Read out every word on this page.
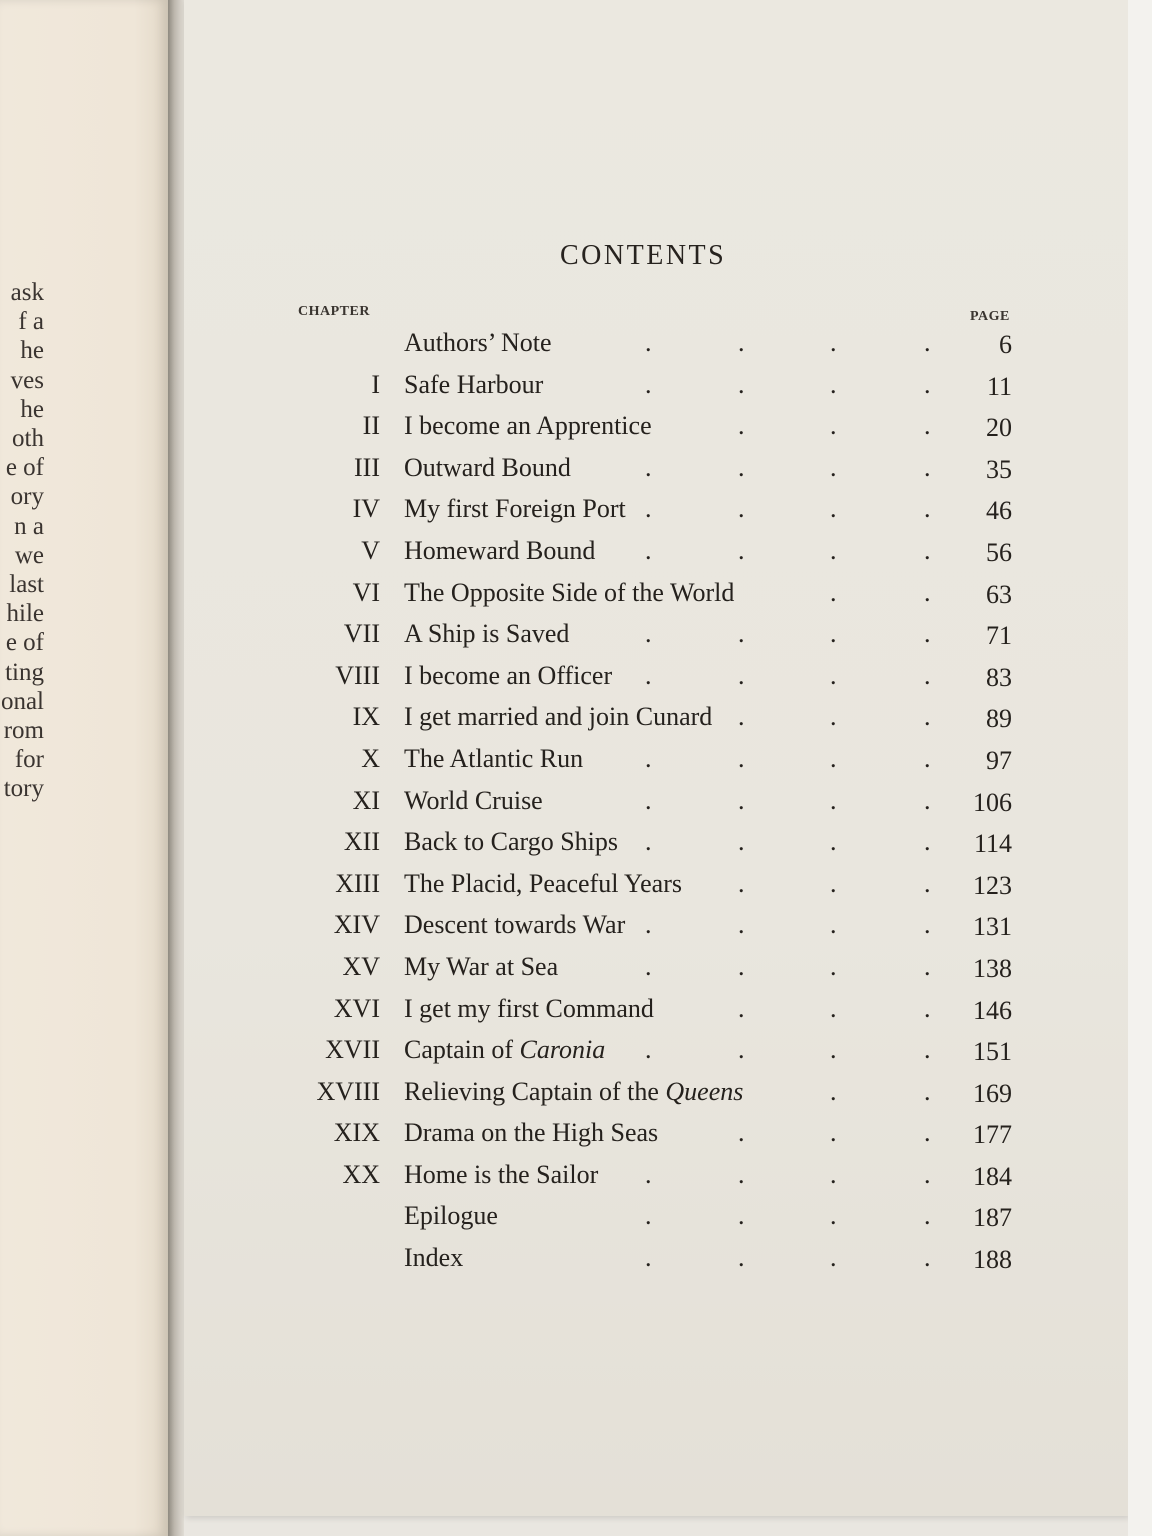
ask
f a
he
ves
he
oth
e of
ory
n a
we
last
hile
e of
ting
onal
rom
for
tory
CONTENTS
CHAPTER	PAGE
Authors’ Note	.	.	.	.	6
I Safe Harbour	.	.	.	. 11
II I become an Apprentice	.	.	. 20
III Outward Bound	.	.	.	. 35
IV My first Foreign Port .	.	.	. 46
V Homeward Bound .	.	.	. 56
VI The Opposite Side of the World	.	. 63
VII A Ship is Saved	.	.	.	. 71
VIII I become an Officer .	.	.	. 83
IX I get married and join Cunard .	.	. 89
X The Atlantic Run .	.	.	. 97
XI World Cruise	.	.	.	. 106
XII Back to Cargo Ships .	.	.	. 114
XIII The Placid, Peaceful Years .	.	. 123
XIV Descent towards War .	.	.	. 131
XV My War at Sea	.	.	.	. 138
XVI I get my first Command	.	.	. 146
XVII Captain of Caronia .	.	.	. 151
XVIII Relieving Captain of the Queens	.	. 169
XIX Drama on the High Seas	.	.	. 177
XX Home is the Sailor .	.	.	. 184
Epilogue	.	.	.	. 187
Index	.	.	.	. 188
